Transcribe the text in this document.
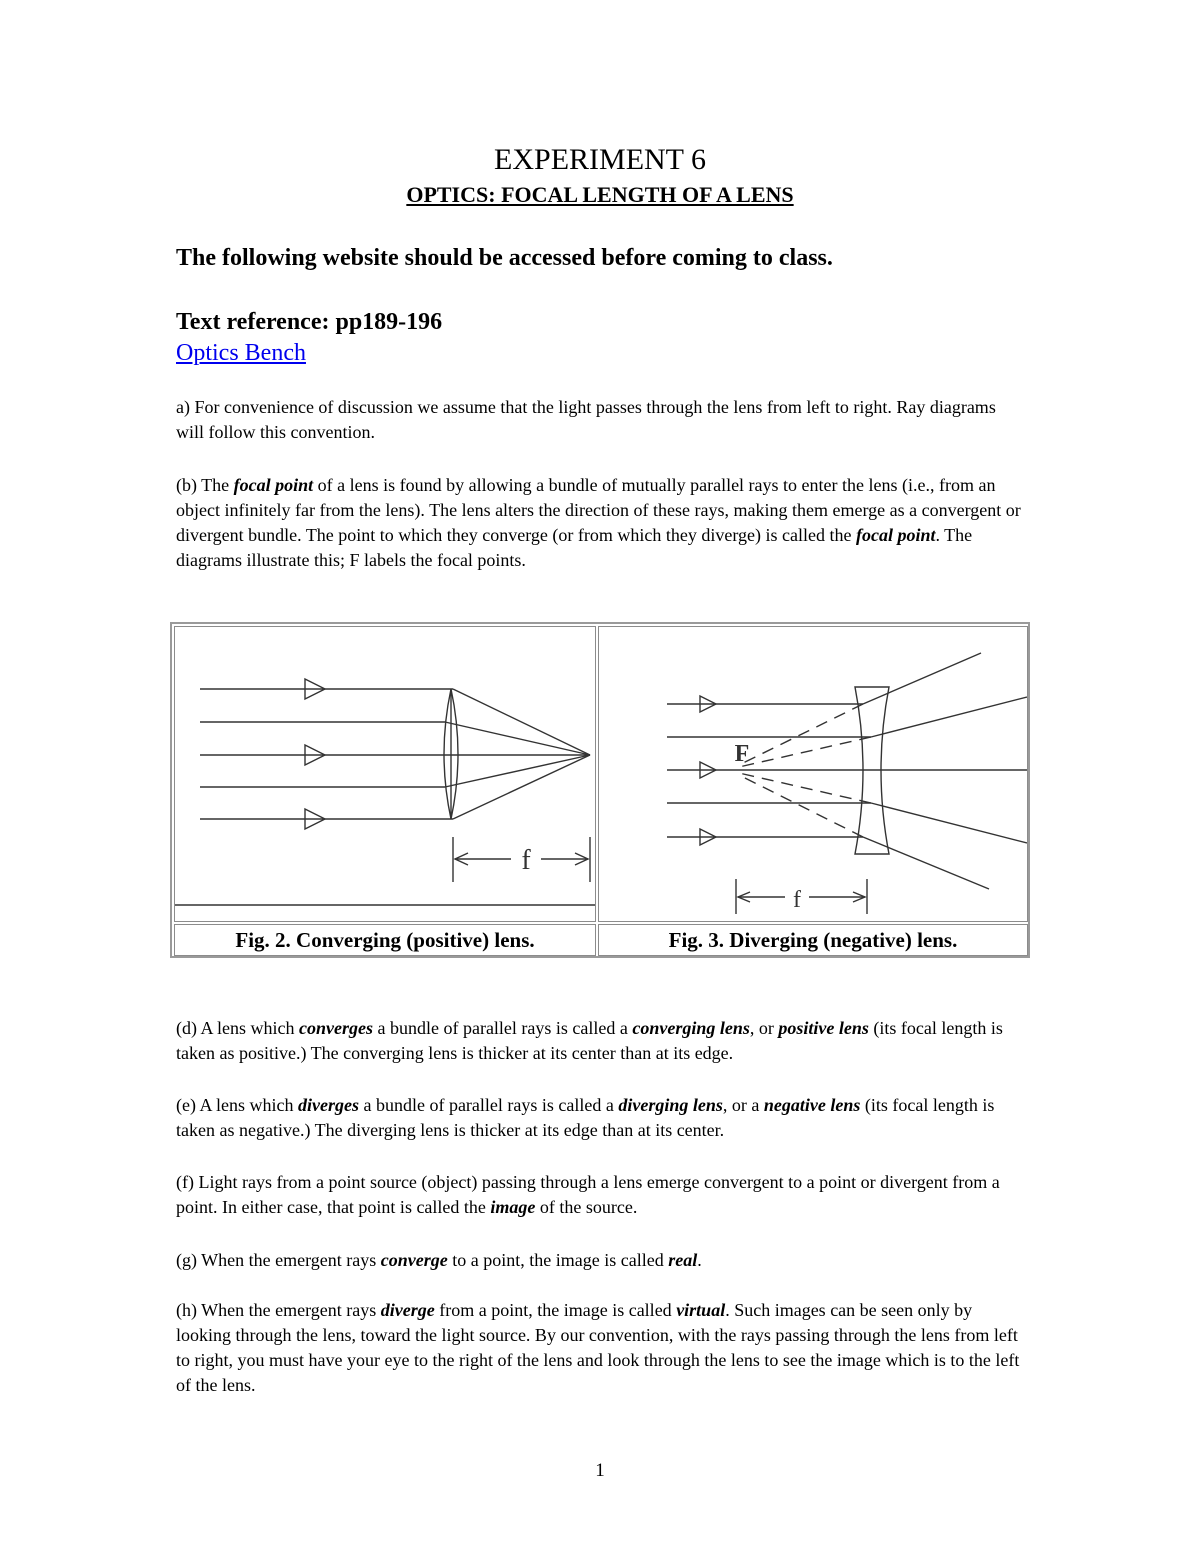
EXPERIMENT 6
OPTICS: FOCAL LENGTH OF A LENS
The following website should be accessed before coming to class.
Text reference: pp189-196
Optics Bench

a) For convenience of discussion we assume that the light passes through the lens from left to right. Ray diagrams will follow this convention.

(b) The focal point of a lens is found by allowing a bundle of mutually parallel rays to enter the lens (i.e., from an object infinitely far from the lens). The lens alters the direction of these rays, making them emerge as a convergent or divergent bundle. The point to which they converge (or from which they diverge) is called the focal point. The diagrams illustrate this; F labels the focal points.

f
F
f
Fig. 2. Converging (positive) lens.	Fig. 3. Diverging (negative) lens.

(d) A lens which converges a bundle of parallel rays is called a converging lens, or positive lens (its focal length is taken as positive.) The converging lens is thicker at its center than at its edge.

(e) A lens which diverges a bundle of parallel rays is called a diverging lens, or a negative lens (its focal length is taken as negative.) The diverging lens is thicker at its edge than at its center.

(f) Light rays from a point source (object) passing through a lens emerge convergent to a point or divergent from a point. In either case, that point is called the image of the source.

(g) When the emergent rays converge to a point, the image is called real.

(h) When the emergent rays diverge from a point, the image is called virtual. Such images can be seen only by looking through the lens, toward the light source. By our convention, with the rays passing through the lens from left to right, you must have your eye to the right of the lens and look through the lens to see the image which is to the left of the lens.

1
